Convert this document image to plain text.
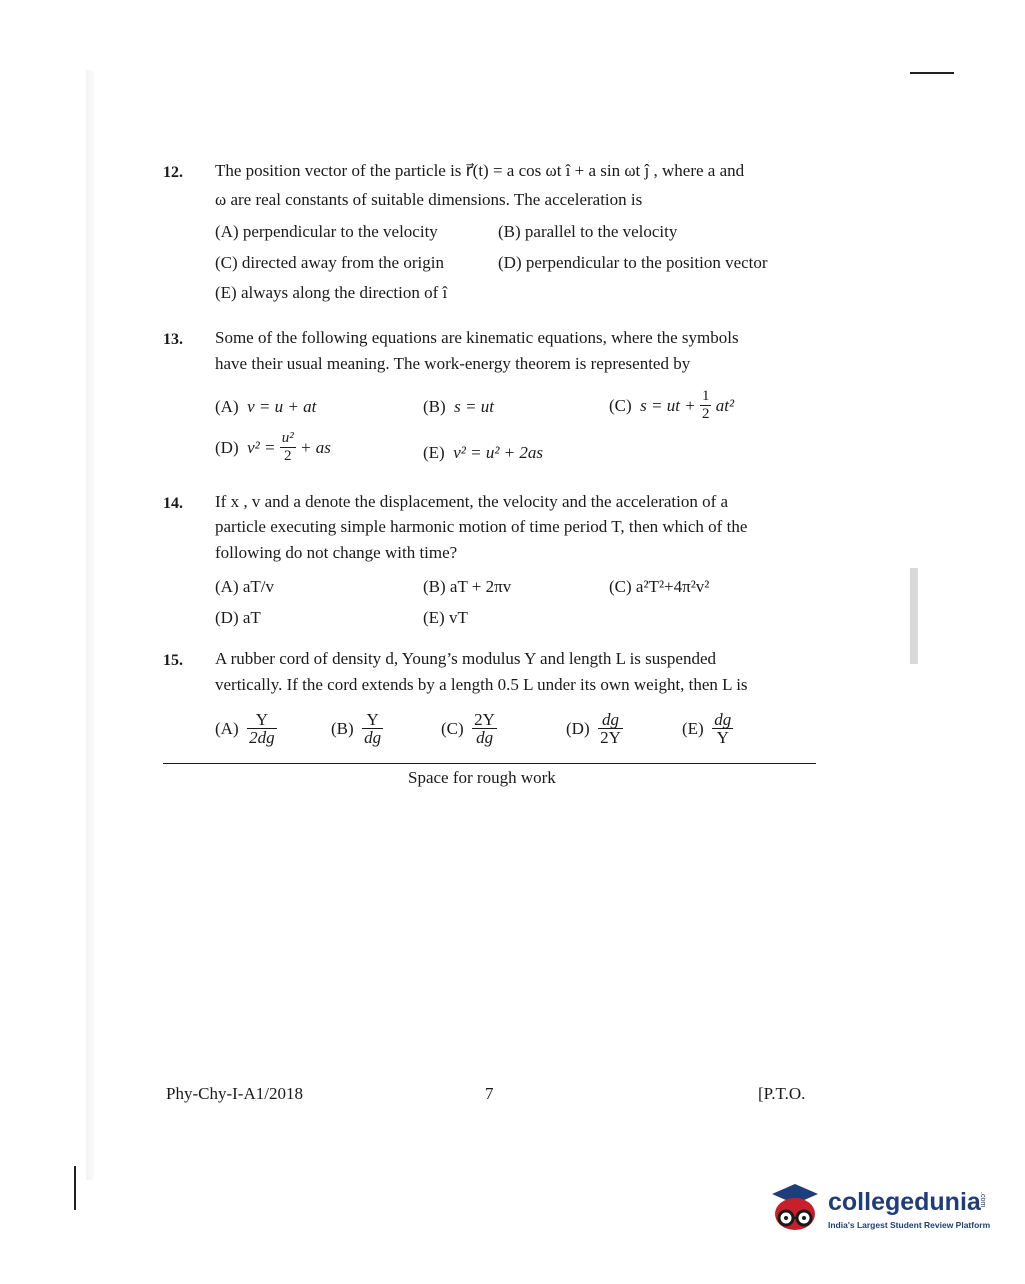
12. The position vector of the particle is r⃗(t) = a cos ωt î + a sin ωt ĵ , where a and
ω are real constants of suitable dimensions. The acceleration is
(A) perpendicular to the velocity	(B) parallel to the velocity
(C) directed away from the origin	(D) perpendicular to the position vector
(E) always along the direction of î
13. Some of the following equations are kinematic equations, where the symbols
have their usual meaning. The work-energy theorem is represented by
(A) v = u + at	(B) s = ut	(C) s = ut + $\frac{1}{2} at^2$
(D) $v^2 = \frac{\text{u²}}{2}$ + as	(E) v² = u² + 2as
14. If x , v and a denote the displacement, the velocity and the acceleration of a
particle executing simple harmonic motion of time period T, then which of the
following do not change with time?
(A) aT/v	(B) aT + 2πv	(C) a²T²+4π²v²
(D) aT	(E) vT
15. A rubber cord of density d, Young’s modulus Y and length L is suspended
vertically. If the cord extends by a length 0.5 L under its own weight, then L is
$(A) \frac{Y}{2dg}$	$(B) \frac{Y}{dg}$	$(C) \frac{2Y}{dg}$	$(D) \frac{dg}{2Y}$	$(E) \frac{dg}{Y}$
Space for rough work
Phy-Chy-I-A1/2018	7	[P.T.O.
collegedunia
.com
India's Largest Student Review Platform
